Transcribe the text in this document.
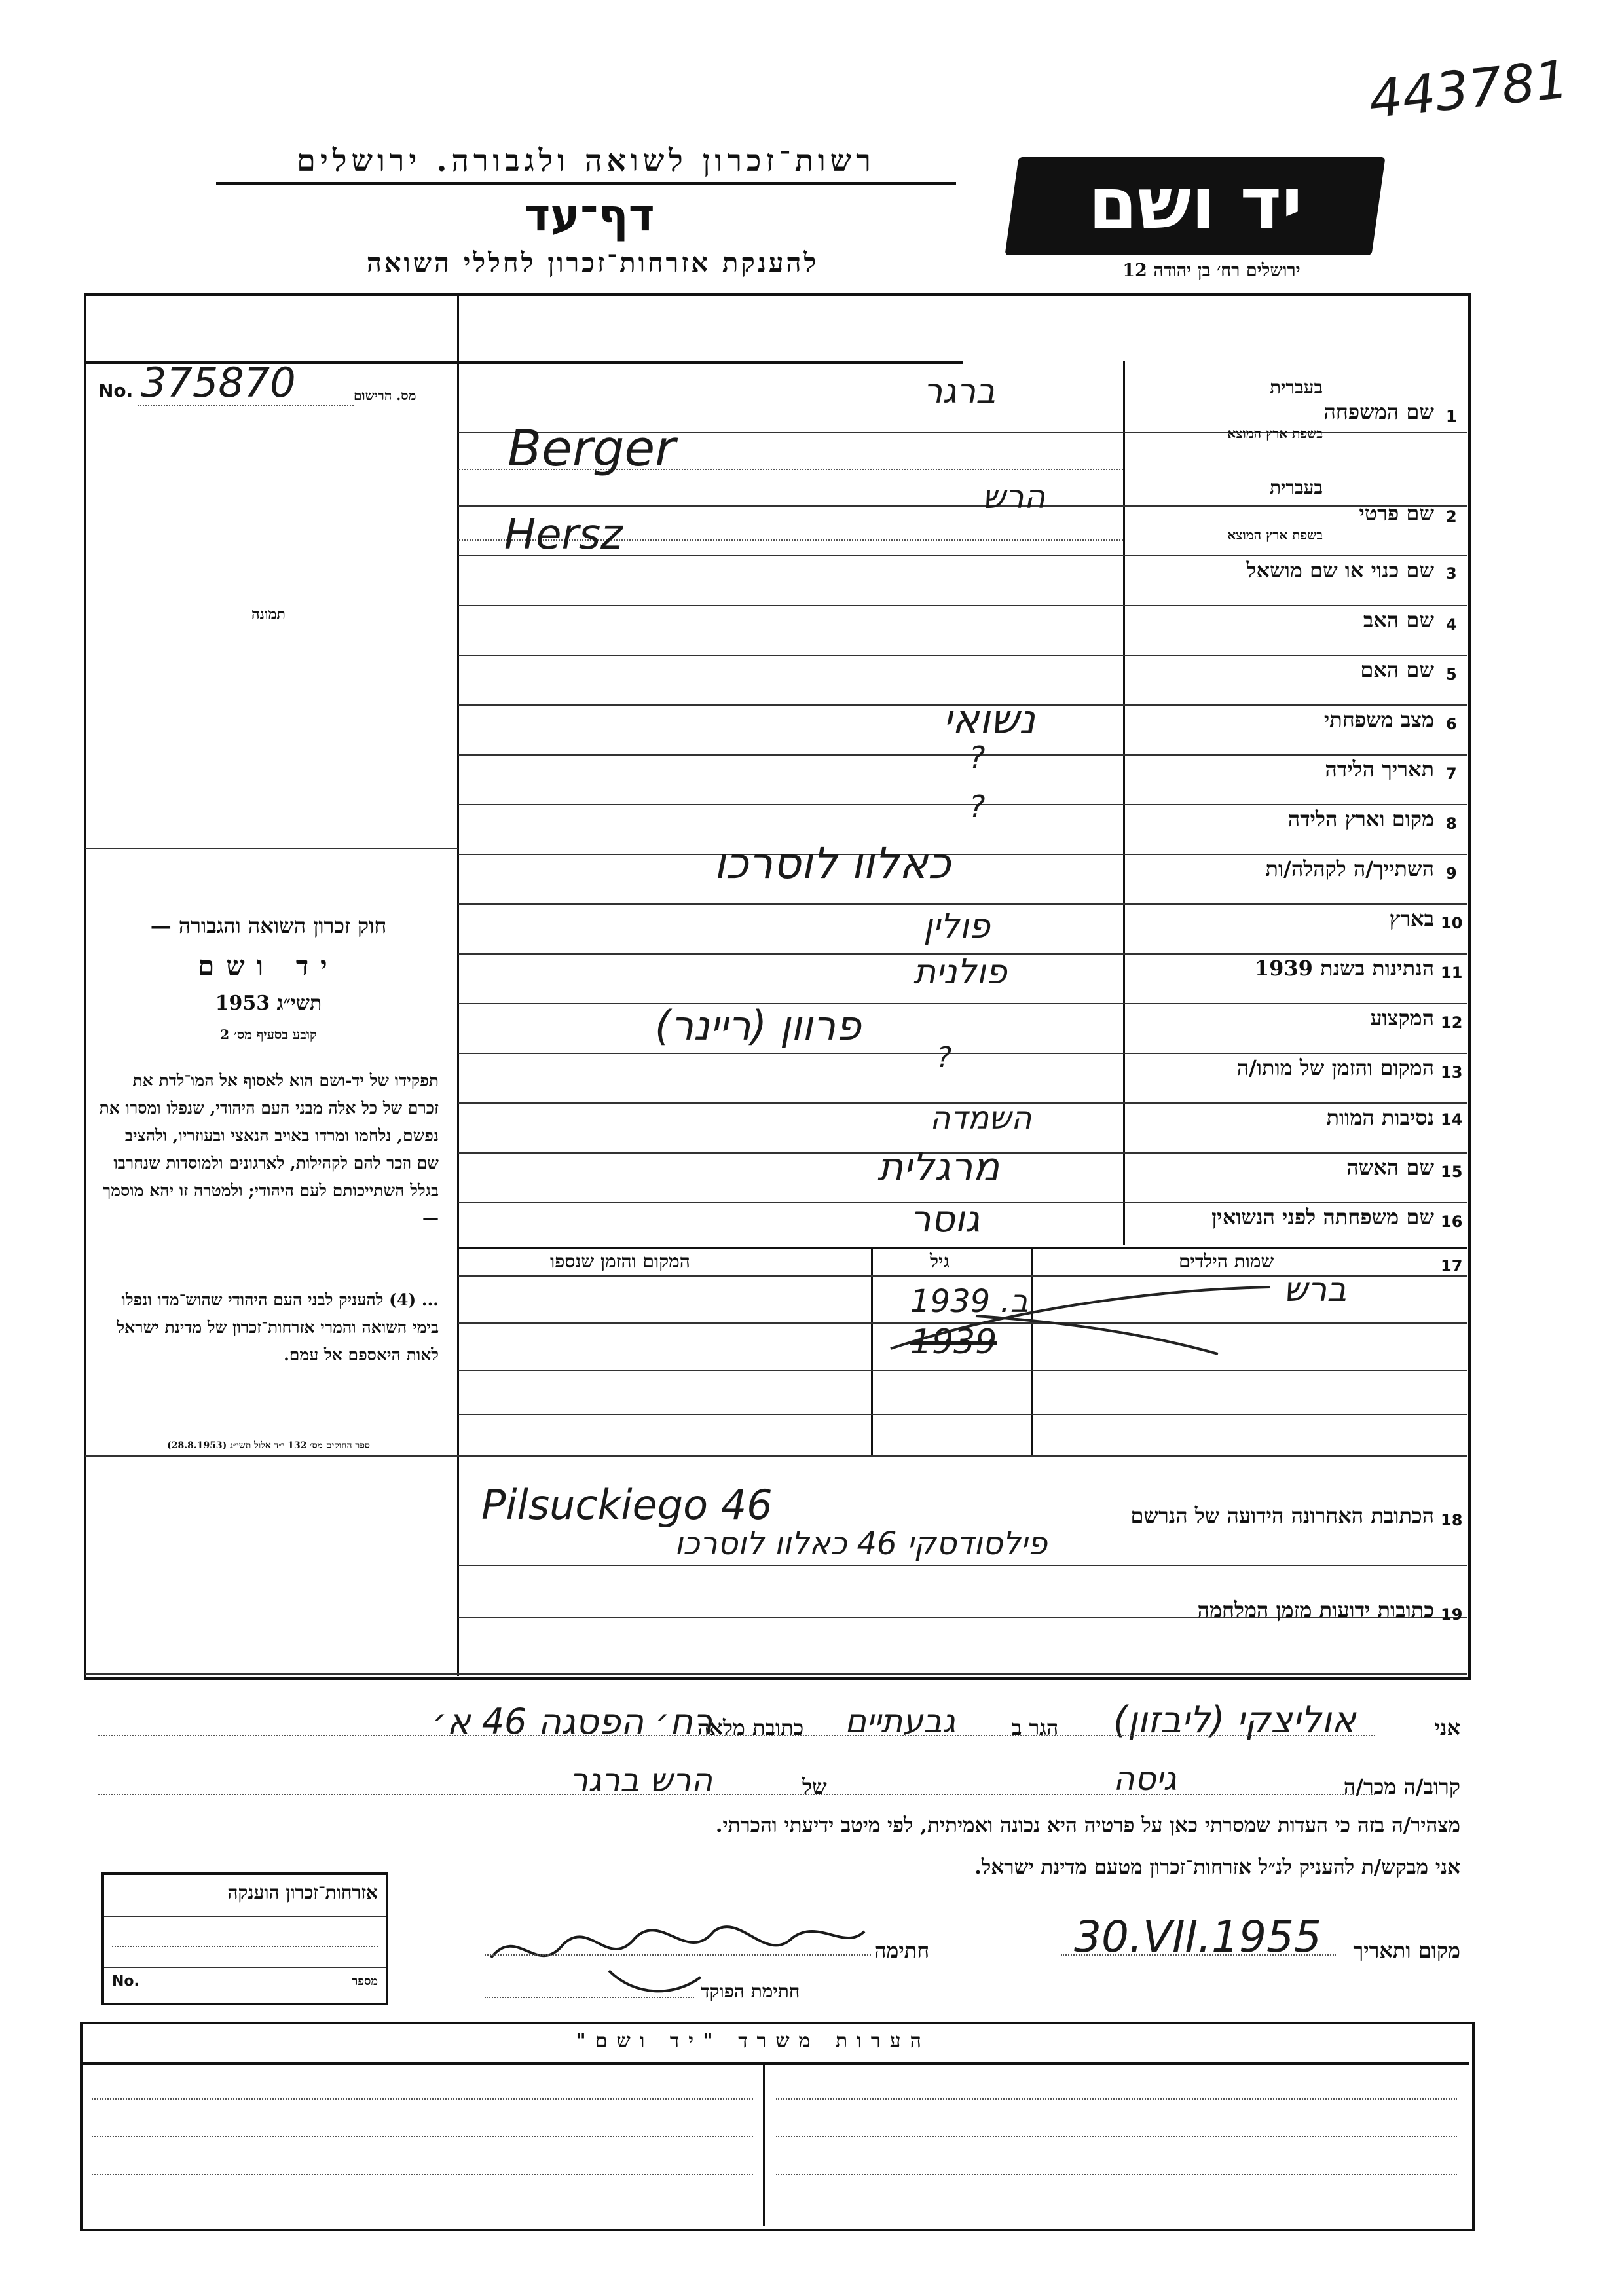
443781
יד ושם
ירושלים רח׳ בן יהודה 12
רשות־זכרון לשואה ולגבורה. ירושלים
דף־עד
להענקת אזרחות־זכרון לחללי השואה
No. 375870	מס. הרישום
תמונה
חוק זכרון השואה והגבורה —
יד ושם
תשי״ג 1953
קובע בסעיף מס׳ 2
תפקידו של יד-ושם הוא לאסוף אל המו־לדת את זכרם של כל אלה מבני העם היהודי, שנפלו ומסרו את נפשם, נלחמו ומרדו באויב הנאצי ובעוזריו, ולהציב שם וזכר להם לקהילות, לארגונים ולמוסדות שנחרבו בגלל השתייכותם לעם היהודי; ולמטרה זו יהא מוסמך —
... (4) להעניק לבני העם היהודי שהוש־מדו ונפלו בימי השואה והמרי אזרחות־זכרון של מדינת ישראל לאות היאספם אל עמם.
ספר החוקים מס׳ 132 י״ד אלול תשי״ג (28.8.1953)
1
שם המשפחה
בעברית
בשפת ארץ המוצא
2
שם פרטי
בעברית
בשפת ארץ המוצא
3
שם כנוי או שם מושאל
4
שם האב
5
שם האם
6
מצב משפחתי
7
תאריך הלידה
8
מקום וארץ הלידה
9
השתייך/ה לקהלה/ות
10
בארץ
11
הנתינות בשנת 1939
12
המקצוע
13
המקום והזמן של מותו/ה
14
נסיבות המוות
15
שם האשה
16
שם משפחתה לפני הנשואין
ברגר
Berger
הרש
Hersz
נשואי
?
?
כאלוו לוסרכו
פולין
פולנית
פרוון (ריינר)
?
השמדה
מרגלית
גוסר
17
שמות הילדים
גיל
המקום והזמן שנספו
ברש
ב. 1939
1939
18
הכתובת האחרונה הידועה של הנרשם
Pilsuckiego 46
פילסודסקי 46 כאלוו לוסרכו
19
כתובות ידועות מזמן המלחמה
אני
אוליצקי (ליבזון)
הגר ב
גבעתיים
כתובת מלאה
רח׳ הפסגה 46 א׳
קרוב/ה מכר/ה
גיסה
של
הרש ברגר
מצהיר/ה בזה כי העדות שמסרתי כאן על פרטיה היא נכונה ואמיתית, לפי מיטב ידיעתי והכרתי.
אני מבקש/ת להעניק לנ״ל אזרחות־זכרון מטעם מדינת ישראל.
מקום ותאריך
30.VII.1955
חתימה
חתימת הפוקד
אזרחות־זכרון הוענקה
No.	מספר
הערות משרד "יד ושם"
